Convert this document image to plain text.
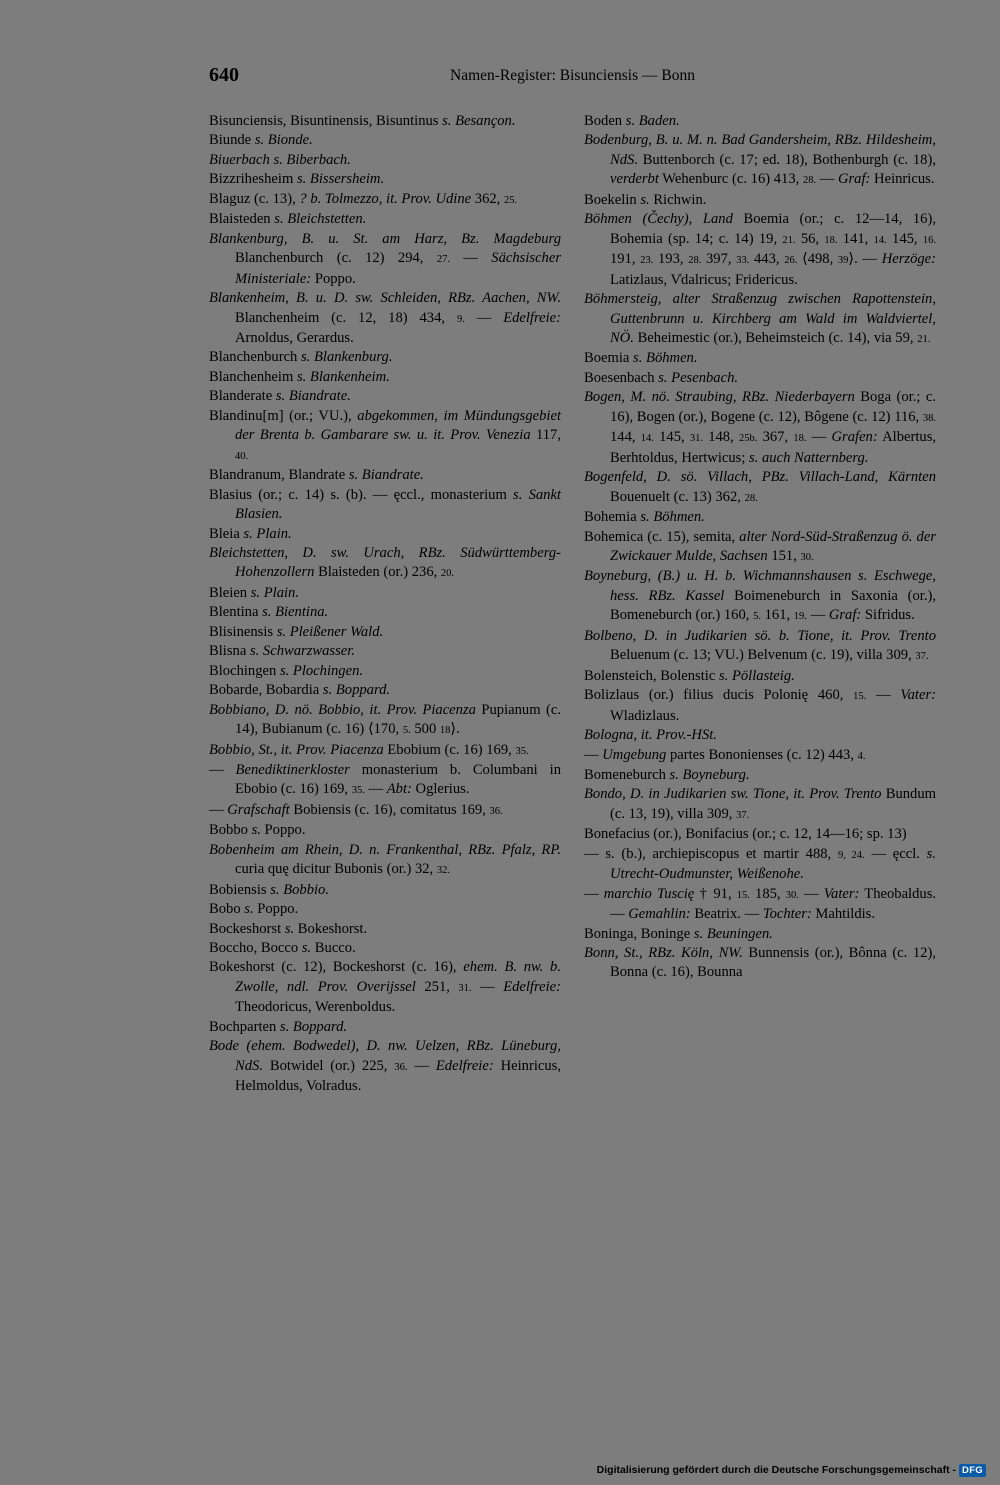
640	Namen-Register: Bisunciensis — Bonn
Bisunciensis, Bisuntinensis, Bisuntinus s. Besançon.
Biunde s. Bionde.
Biuerbach s. Biberbach.
Bizzrihesheim s. Bissersheim.
Blaguz (c. 13), ? b. Tolmezzo, it. Prov. Udine 362, 25.
Blaisteden s. Bleichstetten.
Blankenburg, B. u. St. am Harz, Bz. Magdeburg Blanchenburch (c. 12) 294, 27. — Sächsischer Ministeriale: Poppo.
Blankenheim, B. u. D. sw. Schleiden, RBz. Aachen, NW. Blanchenheim (c. 12, 18) 434, 9. — Edelfreie: Arnoldus, Gerardus.
Blanchenburch s. Blankenburg.
Blanchenheim s. Blankenheim.
Blanderate s. Biandrate.
Blandinu[m] (or.; VU.), abgekommen, im Mündungsgebiet der Brenta b. Gambarare sw. u. it. Prov. Venezia 117, 40.
Blandranum, Blandrate s. Biandrate.
Blasius (or.; c. 14) s. (b). — ęccl., monasterium s. Sankt Blasien.
Bleia s. Plain.
Bleichstetten, D. sw. Urach, RBz. Südwürttemberg-Hohenzollern Blaisteden (or.) 236, 20.
Bleien s. Plain.
Blentina s. Bientina.
Blisinensis s. Pleißener Wald.
Blisna s. Schwarzwasser.
Blochingen s. Plochingen.
Bobarde, Bobardia s. Boppard.
Bobbiano, D. nö. Bobbio, it. Prov. Piacenza Pupianum (c. 14), Bubianum (c. 16) ⟨170, 5. 500 18⟩.
Bobbio, St., it. Prov. Piacenza Ebobium (c. 16) 169, 35.
— Benediktinerkloster monasterium b. Columbani in Ebobio (c. 16) 169, 35. — Abt: Oglerius.
— Grafschaft Bobiensis (c. 16), comitatus 169, 36.
Bobbo s. Poppo.
Bobenheim am Rhein, D. n. Frankenthal, RBz. Pfalz, RP. curia quę dicitur Bubonis (or.) 32, 32.
Bobiensis s. Bobbio.
Bobo s. Poppo.
Bockeshorst s. Bokeshorst.
Boccho, Bocco s. Bucco.
Bokeshorst (c. 12), Bockeshorst (c. 16), ehem. B. nw. b. Zwolle, ndl. Prov. Overijssel 251, 31. — Edelfreie: Theodoricus, Werenboldus.
Bochparten s. Boppard.
Bode (ehem. Bodwedel), D. nw. Uelzen, RBz. Lüneburg, NdS. Botwidel (or.) 225, 36. — Edelfreie: Heinricus, Helmoldus, Volradus.
Boden s. Baden.
Bodenburg, B. u. M. n. Bad Gandersheim, RBz. Hildesheim, NdS. Buttenborch (c. 17; ed. 18), Bothenburgh (c. 18), verderbt Wehenburc (c. 16) 413, 28. — Graf: Heinricus.
Boekelin s. Richwin.
Böhmen (Čechy), Land Boemia (or.; c. 12—14, 16), Bohemia (sp. 14; c. 14) 19, 21. 56, 18. 141, 14. 145, 16. 191, 23. 193, 28. 397, 33. 443, 26. ⟨498, 39⟩. — Herzöge: Latizlaus, V͑dalricus; Fridericus.
Böhmersteig, alter Straßenzug zwischen Rapottenstein, Guttenbrunn u. Kirchberg am Wald im Waldviertel, NÖ. Beheimestic (or.), Beheimsteich (c. 14), via 59, 21.
Boemia s. Böhmen.
Boesenbach s. Pesenbach.
Bogen, M. nö. Straubing, RBz. Niederbayern Boga (or.; c. 16), Bogen (or.), Bogene (c. 12), Bôgene (c. 12) 116, 38. 144, 14. 145, 31. 148, 25b. 367, 18. — Grafen: Albertus, Berhtoldus, Hertwicus; s. auch Natternberg.
Bogenfeld, D. sö. Villach, PBz. Villach-Land, Kärnten Bouenuelt (c. 13) 362, 28.
Bohemia s. Böhmen.
Bohemica (c. 15), semita, alter Nord-Süd-Straßenzug ö. der Zwickauer Mulde, Sachsen 151, 30.
Boyneburg, (B.) u. H. b. Wichmannshausen s. Eschwege, hess. RBz. Kassel Boimeneburch in Saxonia (or.), Bomeneburch (or.) 160, 5. 161, 19. — Graf: Sifridus.
Bolbeno, D. in Judikarien sö. b. Tione, it. Prov. Trento Beluenum (c. 13; VU.) Belvenum (c. 19), villa 309, 37.
Bolensteich, Bolenstic s. Pöllasteig.
Bolizlaus (or.) filius ducis Polonię 460, 15. — Vater: Wladizlaus.
Bologna, it. Prov.-HSt.
— Umgebung partes Bononienses (c. 12) 443, 4.
Bomeneburch s. Boyneburg.
Bondo, D. in Judikarien sw. Tione, it. Prov. Trento Bundum (c. 13, 19), villa 309, 37.
Bonefacius (or.), Bonifacius (or.; c. 12, 14—16; sp. 13)
— s. (b.), archiepiscopus et martir 488, 9, 24. — ęccl. s. Utrecht-Oudmunster, Weißenohe.
— marchio Tuscię † 91, 15. 185, 30. — Vater: Theobaldus. — Gemahlin: Beatrix. — Tochter: Mahtildis.
Boninga, Boninge s. Beuningen.
Bonn, St., RBz. Köln, NW. Bunnensis (or.), Bônna (c. 12), Bonna (c. 16), Bounna
Digitalisierung gefördert durch die Deutsche Forschungsgemeinschaft - DFG
